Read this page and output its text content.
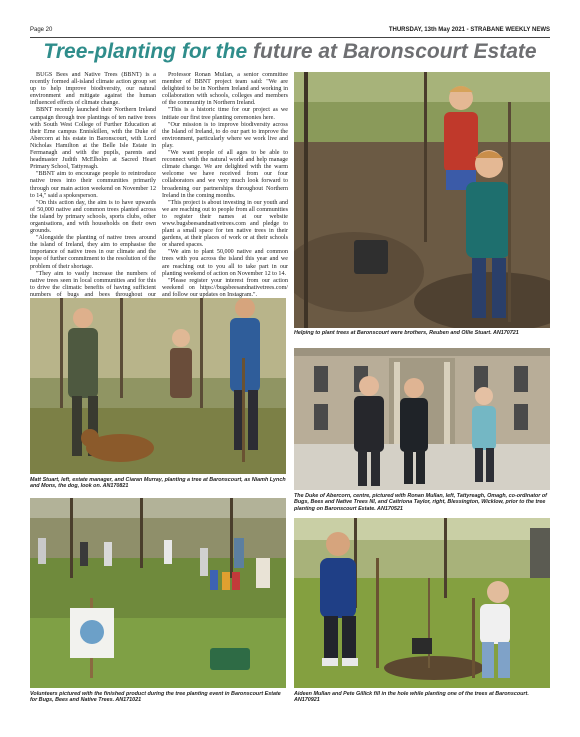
Page 20	THURSDAY, 13th May 2021 - STRABANE WEEKLY NEWS
Tree-planting for the future at Baronscourt Estate

BUGS Bees and Native Trees (BBNT) is a recently formed all-island climate action group set up to help improve biodiversity, our natural environment and mitigate against the human influenced effects of climate change.

BBNT recently launched their Northern Ireland campaign through tree plantings of ten native trees with South West College of Further Education at their Erne campus Enniskillen, with the Duke of Abercorn at his estate in Baronscourt, with Lord Nicholas Hamilton at the Belle Isle Estate in Fermanagh and with the pupils, parents and headmaster Judith McElholm at Sacred Heart Primary School, Tattyreagh.

"BBNT aim to encourage people to reintroduce native trees into their communities primarily through our main action weekend on November 12 to 14," said a spokesperson.

"On this action day, the aim is to have upwards of 50,000 native and common trees planted across the island by primary schools, sports clubs, other organisations, and with households on their own grounds.

"Alongside the planting of native trees around the island of Ireland, they aim to emphasise the importance of native trees in our climate and the hope of further commitment to the resolution of the problem of their shortage.

"They aim to vastly increase the numbers of native trees seen in local communities and for this to drive the climatic benefits of having sufficient numbers of bugs and bees throughout our

Professor Ronan Mullan, a senior committee member of BBNT project team said: "We are delighted to be in Northern Ireland and working in collaboration with schools, colleges and members of the community in Northern Ireland.

"This is a historic time for our project as we initiate our first tree planting ceremonies here.

"Our mission is to improve biodiversity across the Island of Ireland, to do our part to improve the environment, particularly where we work live and play.

"We want people of all ages to be able to reconnect with the natural world and help manage climate change. We are delighted with the warm welcome we have received from our four collaborators and we very much look forward to broadening our partnerships throughout Northern Ireland in the coming months.

"This project is about investing in our youth and we are reaching out to people from all communities to register their names at our website www.bugsbeesandnativetrees.com and pledge to plant a small space for ten native trees in their gardens, at their places of work or at their schools or shared spaces.

"We aim to plant 50,000 native and common trees with you across the island this year and we are reaching out to you all to take part in our planting weekend of action on November 12 to 14.

"Please register your interest from our action weekend on https://bugsbeesandnativetrees.com/ and follow our updates on Instagram.".

Helping to plant trees at Baronscourt were brothers, Reuben and Ollie Stuart. AN170721
Matt Stuart, left, estate manager, and Ciaran Murray, planting a tree at Baronscourt, as Niamh Lynch and Mons, the dog, look on. AN170821
The Duke of Abercorn, centre, pictured with Ronan Mullan, left, Tattyreagh, Omagh, co-ordinator of Bugs, Bees and Native Trees NI, and Caitriona Taylor, right, Blessington, Wicklow, prior to the tree planting on Baronscourt Estate. AN170521
Volunteers pictured with the finished product during the tree planting event in Baronscourt Estate for Bugs, Bees and Native Trees. AN171021
Aideen Mullan and Pete Gillick fill in the hole while planting one of the trees at Baronscourt. AN170921
